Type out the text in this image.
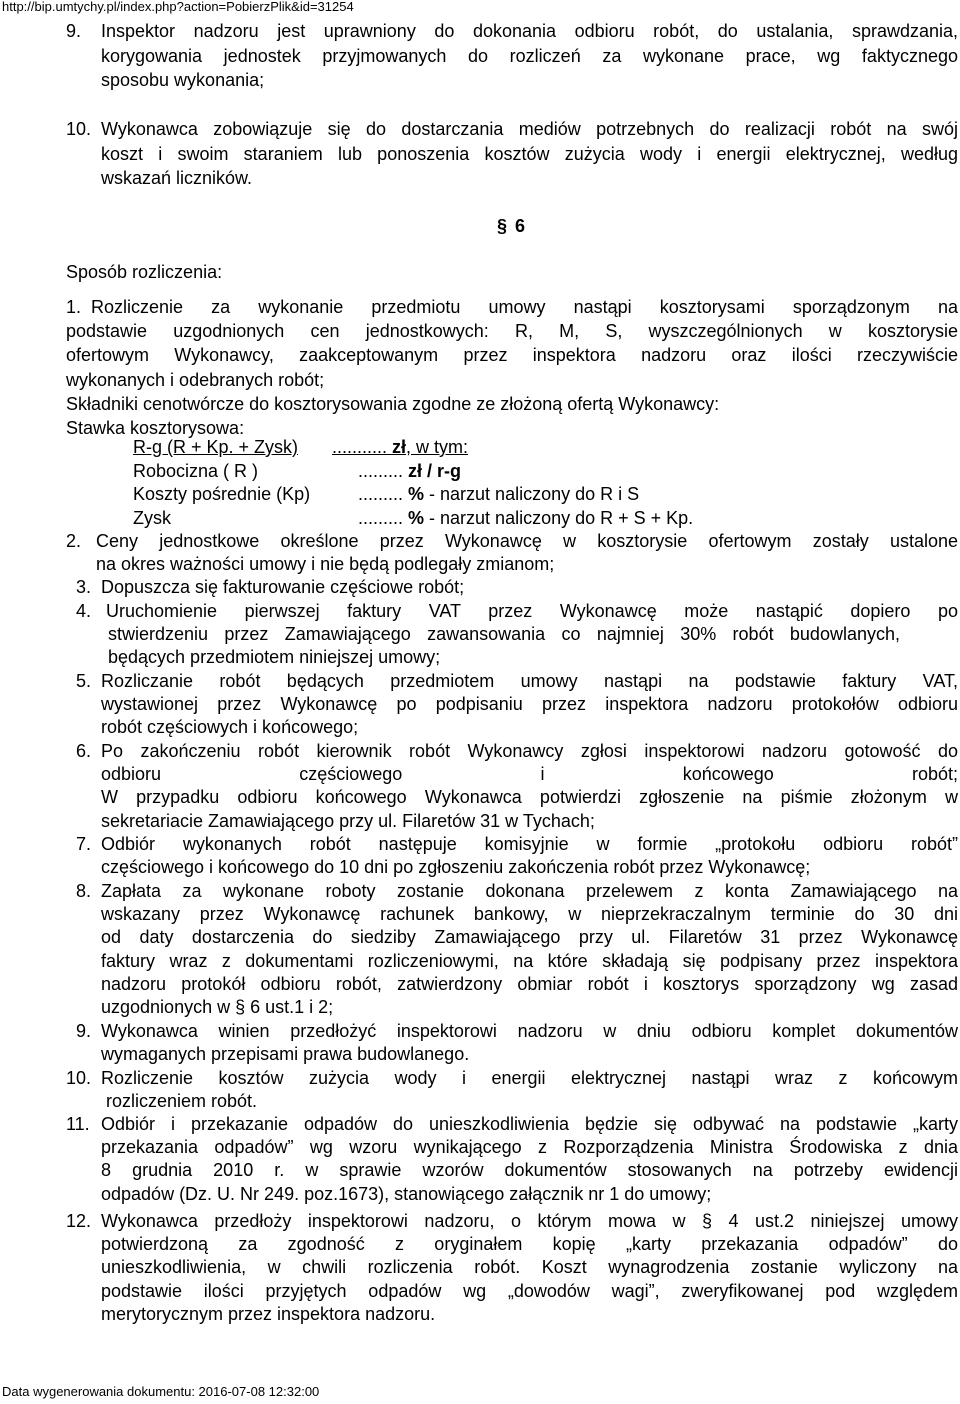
http://bip.umtychy.pl/index.php?action=PobierzPlik&id=31254
9. Inspektor nadzoru jest uprawniony do dokonania odbioru robót, do ustalania, sprawdzania,
korygowania jednostek przyjmowanych do rozliczeń za wykonane prace, wg faktycznego
sposobu wykonania;
10. Wykonawca zobowiązuje się do dostarczania mediów potrzebnych do realizacji robót na swój
koszt i swoim staraniem lub ponoszenia kosztów zużycia wody i energii elektrycznej, według
wskazań liczników.
§ 6
Sposób rozliczenia:
1. Rozliczenie za wykonanie przedmiotu umowy nastąpi kosztorysami sporządzonym na
podstawie uzgodnionych cen jednostkowych: R, M, S, wyszczególnionych w kosztorysie
ofertowym Wykonawcy, zaakceptowanym przez inspektora nadzoru oraz ilości rzeczywiście
wykonanych i odebranych robót;
Składniki cenotwórcze do kosztorysowania zgodne ze złożoną ofertą Wykonawcy:
Stawka kosztorysowa:
R-g (R + Kp. + Zysk) ........... zł, w tym:
Robocizna ( R )	......... zł / r-g
Koszty pośrednie (Kp)	......... % - narzut naliczony do R i S
Zysk	......... % - narzut naliczony do R + S + Kp.
2. Ceny jednostkowe określone przez Wykonawcę w kosztorysie ofertowym zostały ustalone
na okres ważności umowy i nie będą podlegały zmianom;
3. Dopuszcza się fakturowanie częściowe robót;
4. Uruchomienie pierwszej faktury VAT przez Wykonawcę może nastąpić dopiero po
stwierdzeniu przez Zamawiającego zawansowania co najmniej 30% robót budowlanych,
będących przedmiotem niniejszej umowy;
5. Rozliczanie robót będących przedmiotem umowy nastąpi na podstawie faktury VAT,
wystawionej przez Wykonawcę po podpisaniu przez inspektora nadzoru protokołów odbioru
robót częściowych i końcowego;
6. Po zakończeniu robót kierownik robót Wykonawcy zgłosi inspektorowi nadzoru gotowość do
odbioru częściowego i końcowego robót;
W przypadku odbioru końcowego Wykonawca potwierdzi zgłoszenie na piśmie złożonym w
sekretariacie Zamawiającego przy ul. Filaretów 31 w Tychach;
7. Odbiór wykonanych robót następuje komisyjnie w formie „protokołu odbioru robót”
częściowego i końcowego do 10 dni po zgłoszeniu zakończenia robót przez Wykonawcę;
8. Zapłata za wykonane roboty zostanie dokonana przelewem z konta Zamawiającego na
wskazany przez Wykonawcę rachunek bankowy, w nieprzekraczalnym terminie do 30 dni
od daty dostarczenia do siedziby Zamawiającego przy ul. Filaretów 31 przez Wykonawcę
faktury wraz z dokumentami rozliczeniowymi, na które składają się podpisany przez inspektora
nadzoru protokół odbioru robót, zatwierdzony obmiar robót i kosztorys sporządzony wg zasad
uzgodnionych w § 6 ust.1 i 2;
9. Wykonawca winien przedłożyć inspektorowi nadzoru w dniu odbioru komplet dokumentów
wymaganych przepisami prawa budowlanego.
10. Rozliczenie kosztów zużycia wody i energii elektrycznej nastąpi wraz z końcowym
rozliczeniem robót.
11. Odbiór i przekazanie odpadów do unieszkodliwienia będzie się odbywać na podstawie „karty
przekazania odpadów” wg wzoru wynikającego z Rozporządzenia Ministra Środowiska z dnia
8 grudnia 2010 r. w sprawie wzorów dokumentów stosowanych na potrzeby ewidencji
odpadów (Dz. U. Nr 249. poz.1673), stanowiącego załącznik nr 1 do umowy;
12. Wykonawca przedłoży inspektorowi nadzoru, o którym mowa w § 4 ust.2 niniejszej umowy
potwierdzoną za zgodność z oryginałem kopię „karty przekazania odpadów” do
unieszkodliwienia, w chwili rozliczenia robót. Koszt wynagrodzenia zostanie wyliczony na
podstawie ilości przyjętych odpadów wg „dowodów wagi”, zweryfikowanej pod względem
merytorycznym przez inspektora nadzoru.
Data wygenerowania dokumentu: 2016-07-08 12:32:00
